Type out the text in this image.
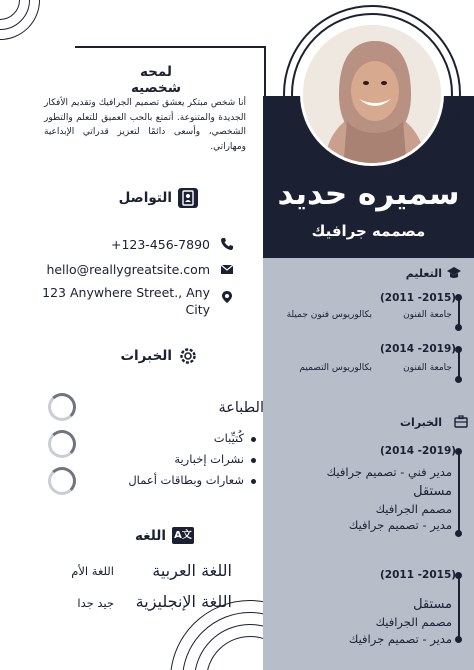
سميره حديد
مصممه جرافيك
لمحه شخصيه

أنا شخص مبتكر يعشق تصميم الجرافيك وتقديم الأفكار الجديدة والمتنوعة. أتمتع بالحب العميق للتعلم والتطور الشخصي، وأسعى دائمًا لتعزيز قدراتي الإبداعية ومهاراتي.

التواصل
+123-456-7890
hello@reallygreatsite.com
123 Anywhere Street., Any
City
الخبرات
الطباعة
كُتيِّبات
نشرات إخبارية
شعارات وبطاقات أعمال
اللغه A文
اللغة العربية
اللغة الأم
اللغة الإنجليزية
جيد جدا
التعليم
(2011 -2015)
جامعة الفنون
بكالوريوس فنون جميلة
(2014 -2019)
جامعة الفنون
بكالوريوس التصميم
الخبرات
(2014 -2019)
مدير فني - تصميم جرافيك
مستقل
مصمم الجرافيك
مدير - تصميم جرافيك
(2011 -2015)
مستقل
مصمم الجرافيك
مدير - تصميم جرافيك
